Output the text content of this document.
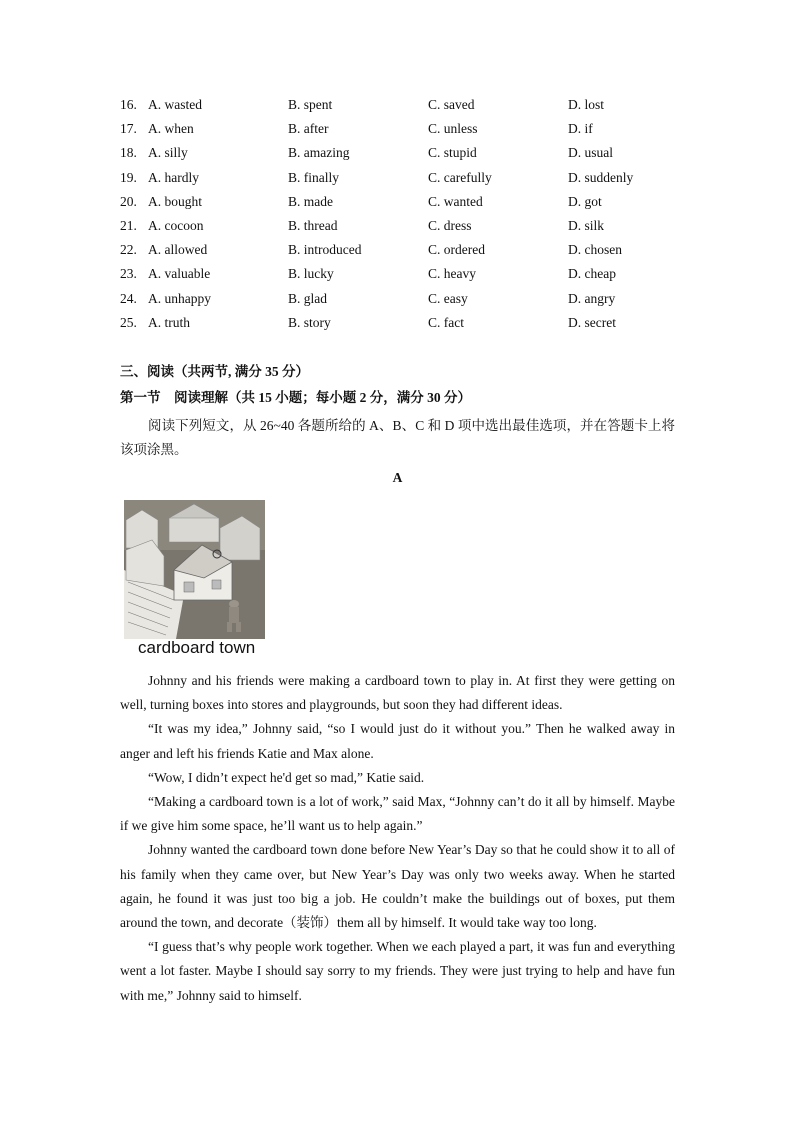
16. A. wasted	B. spent	C. saved	D. lost
17. A. when	B. after	C. unless	D. if
18. A. silly	B. amazing	C. stupid	D. usual
19. A. hardly	B. finally	C. carefully	D. suddenly
20. A. bought	B. made	C. wanted	D. got
21. A. cocoon	B. thread	C. dress	D. silk
22. A. allowed	B. introduced	C. ordered	D. chosen
23. A. valuable	B. lucky	C. heavy	D. cheap
24. A. unhappy	B. glad	C. easy	D. angry
25. A. truth	B. story	C. fact	D. secret
三、阅读（共两节, 满分 35 分）
第一节　阅读理解（共 15 小题；每小题 2 分，满分 30 分）
阅读下列短文，从 26~40 各题所给的 A、B、C 和 D 项中选出最佳选项，并在答题卡上将该项涂黑。
A
cardboard town

Johnny and his friends were making a cardboard town to play in. At first they were getting on well, turning boxes into stores and playgrounds, but soon they had different ideas.

“It was my idea,” Johnny said, “so I would just do it without you.” Then he walked away in anger and left his friends Katie and Max alone.

“Wow, I didn’t expect he'd get so mad,” Katie said.

“Making a cardboard town is a lot of work,” said Max, “Johnny can’t do it all by himself. Maybe if we give him some space, he’ll want us to help again.”

Johnny wanted the cardboard town done before New Year’s Day so that he could show it to all of his family when they came over, but New Year’s Day was only two weeks away. When he started again, he found it was just too big a job. He couldn’t make the buildings out of boxes, put them around the town, and decorate（装饰）them all by himself. It would take way too long.

“I guess that’s why people work together. When we each played a part, it was fun and everything went a lot faster. Maybe I should say sorry to my friends. They were just trying to help and have fun with me,” Johnny said to himself.
